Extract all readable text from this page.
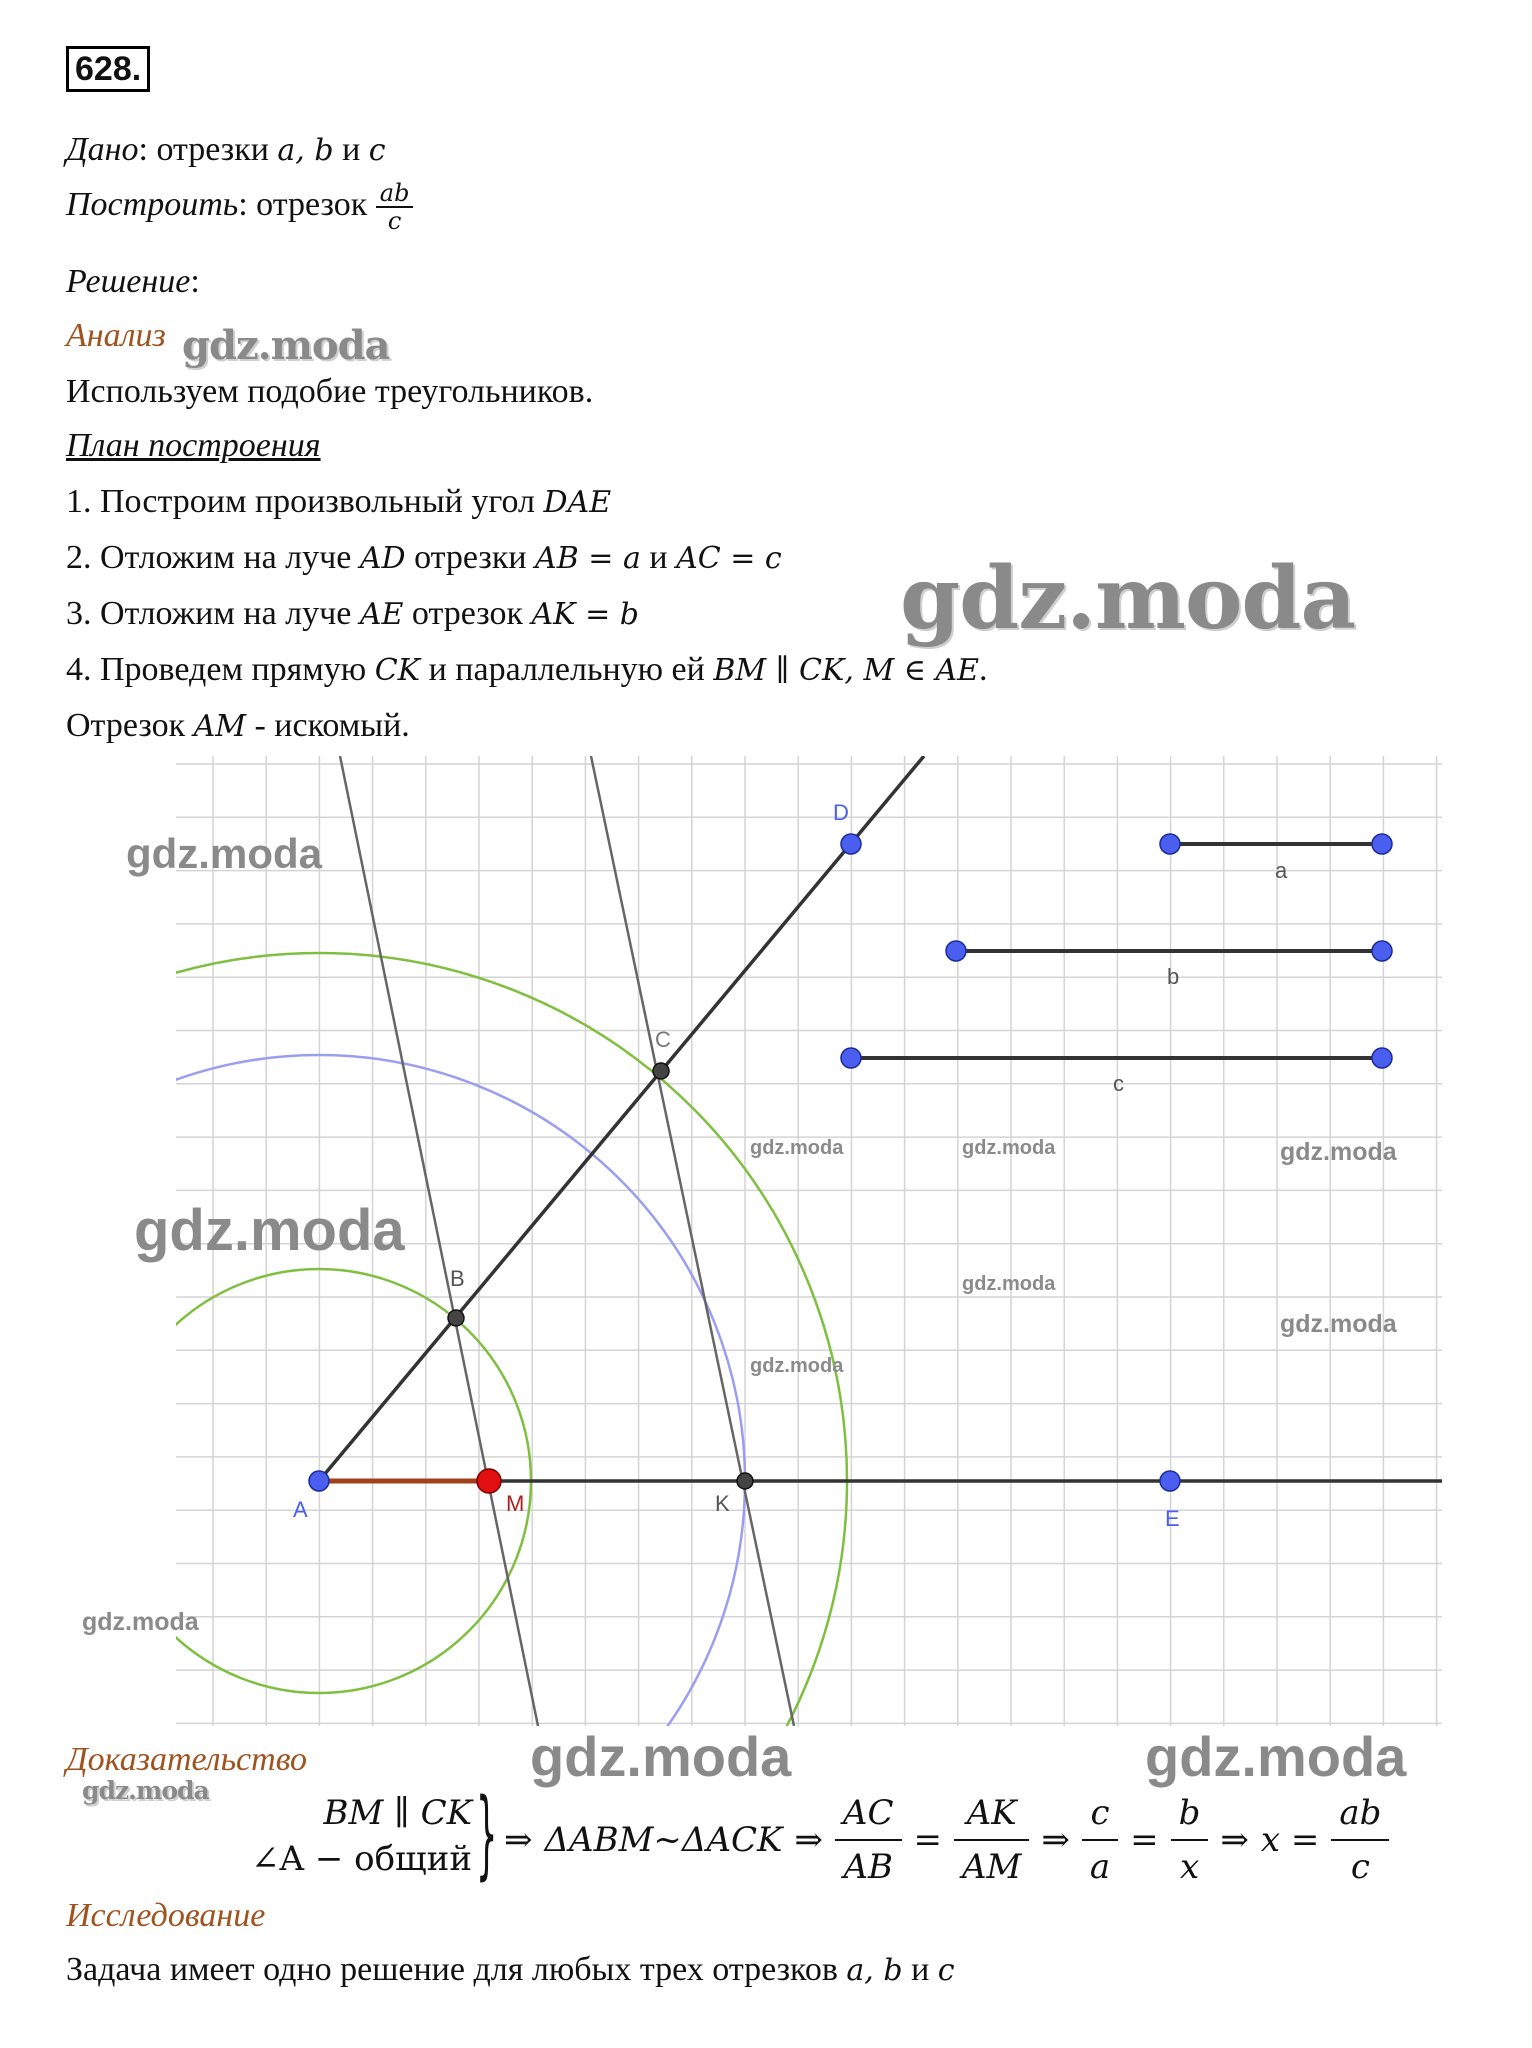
628.
Дано: отрезки a, b и c
Построить: отрезок $\frac{ab}{c}$
Решение:
Анализ gdz.moda
Используем подобие треугольников.
План построения
1. Построим произвольный угол DAE
2. Отложим на луче AD отрезки AB = a и AC = c
3. Отложим на луче AE отрезок AK = b	gdz.moda
4. Проведем прямую CK и параллельную ей BM ∥ CK, M ∈ AE.
Отрезок AM - искомый.
D
C
B
A	M	K
E
a
b
c
gdz.moda
gdz.moda
gdz.moda	gdz.moda	gdz.moda
gdz.moda
gdz.moda
gdz.moda
gdz.moda
gdz.moda	gdz.moda
Доказательство
gdz.moda
BM ∥ CK
∠A − общий } ⇒ ΔABM~ΔACK ⇒ $\frac{AC}{AB} = \frac{AK}{AM}$ ⇒ $\frac{c}{a} = \frac{b}{x}$ ⇒ $x = \frac{ab}{c}$
Исследование
Задача имеет одно решение для любых трех отрезков a, b и c
